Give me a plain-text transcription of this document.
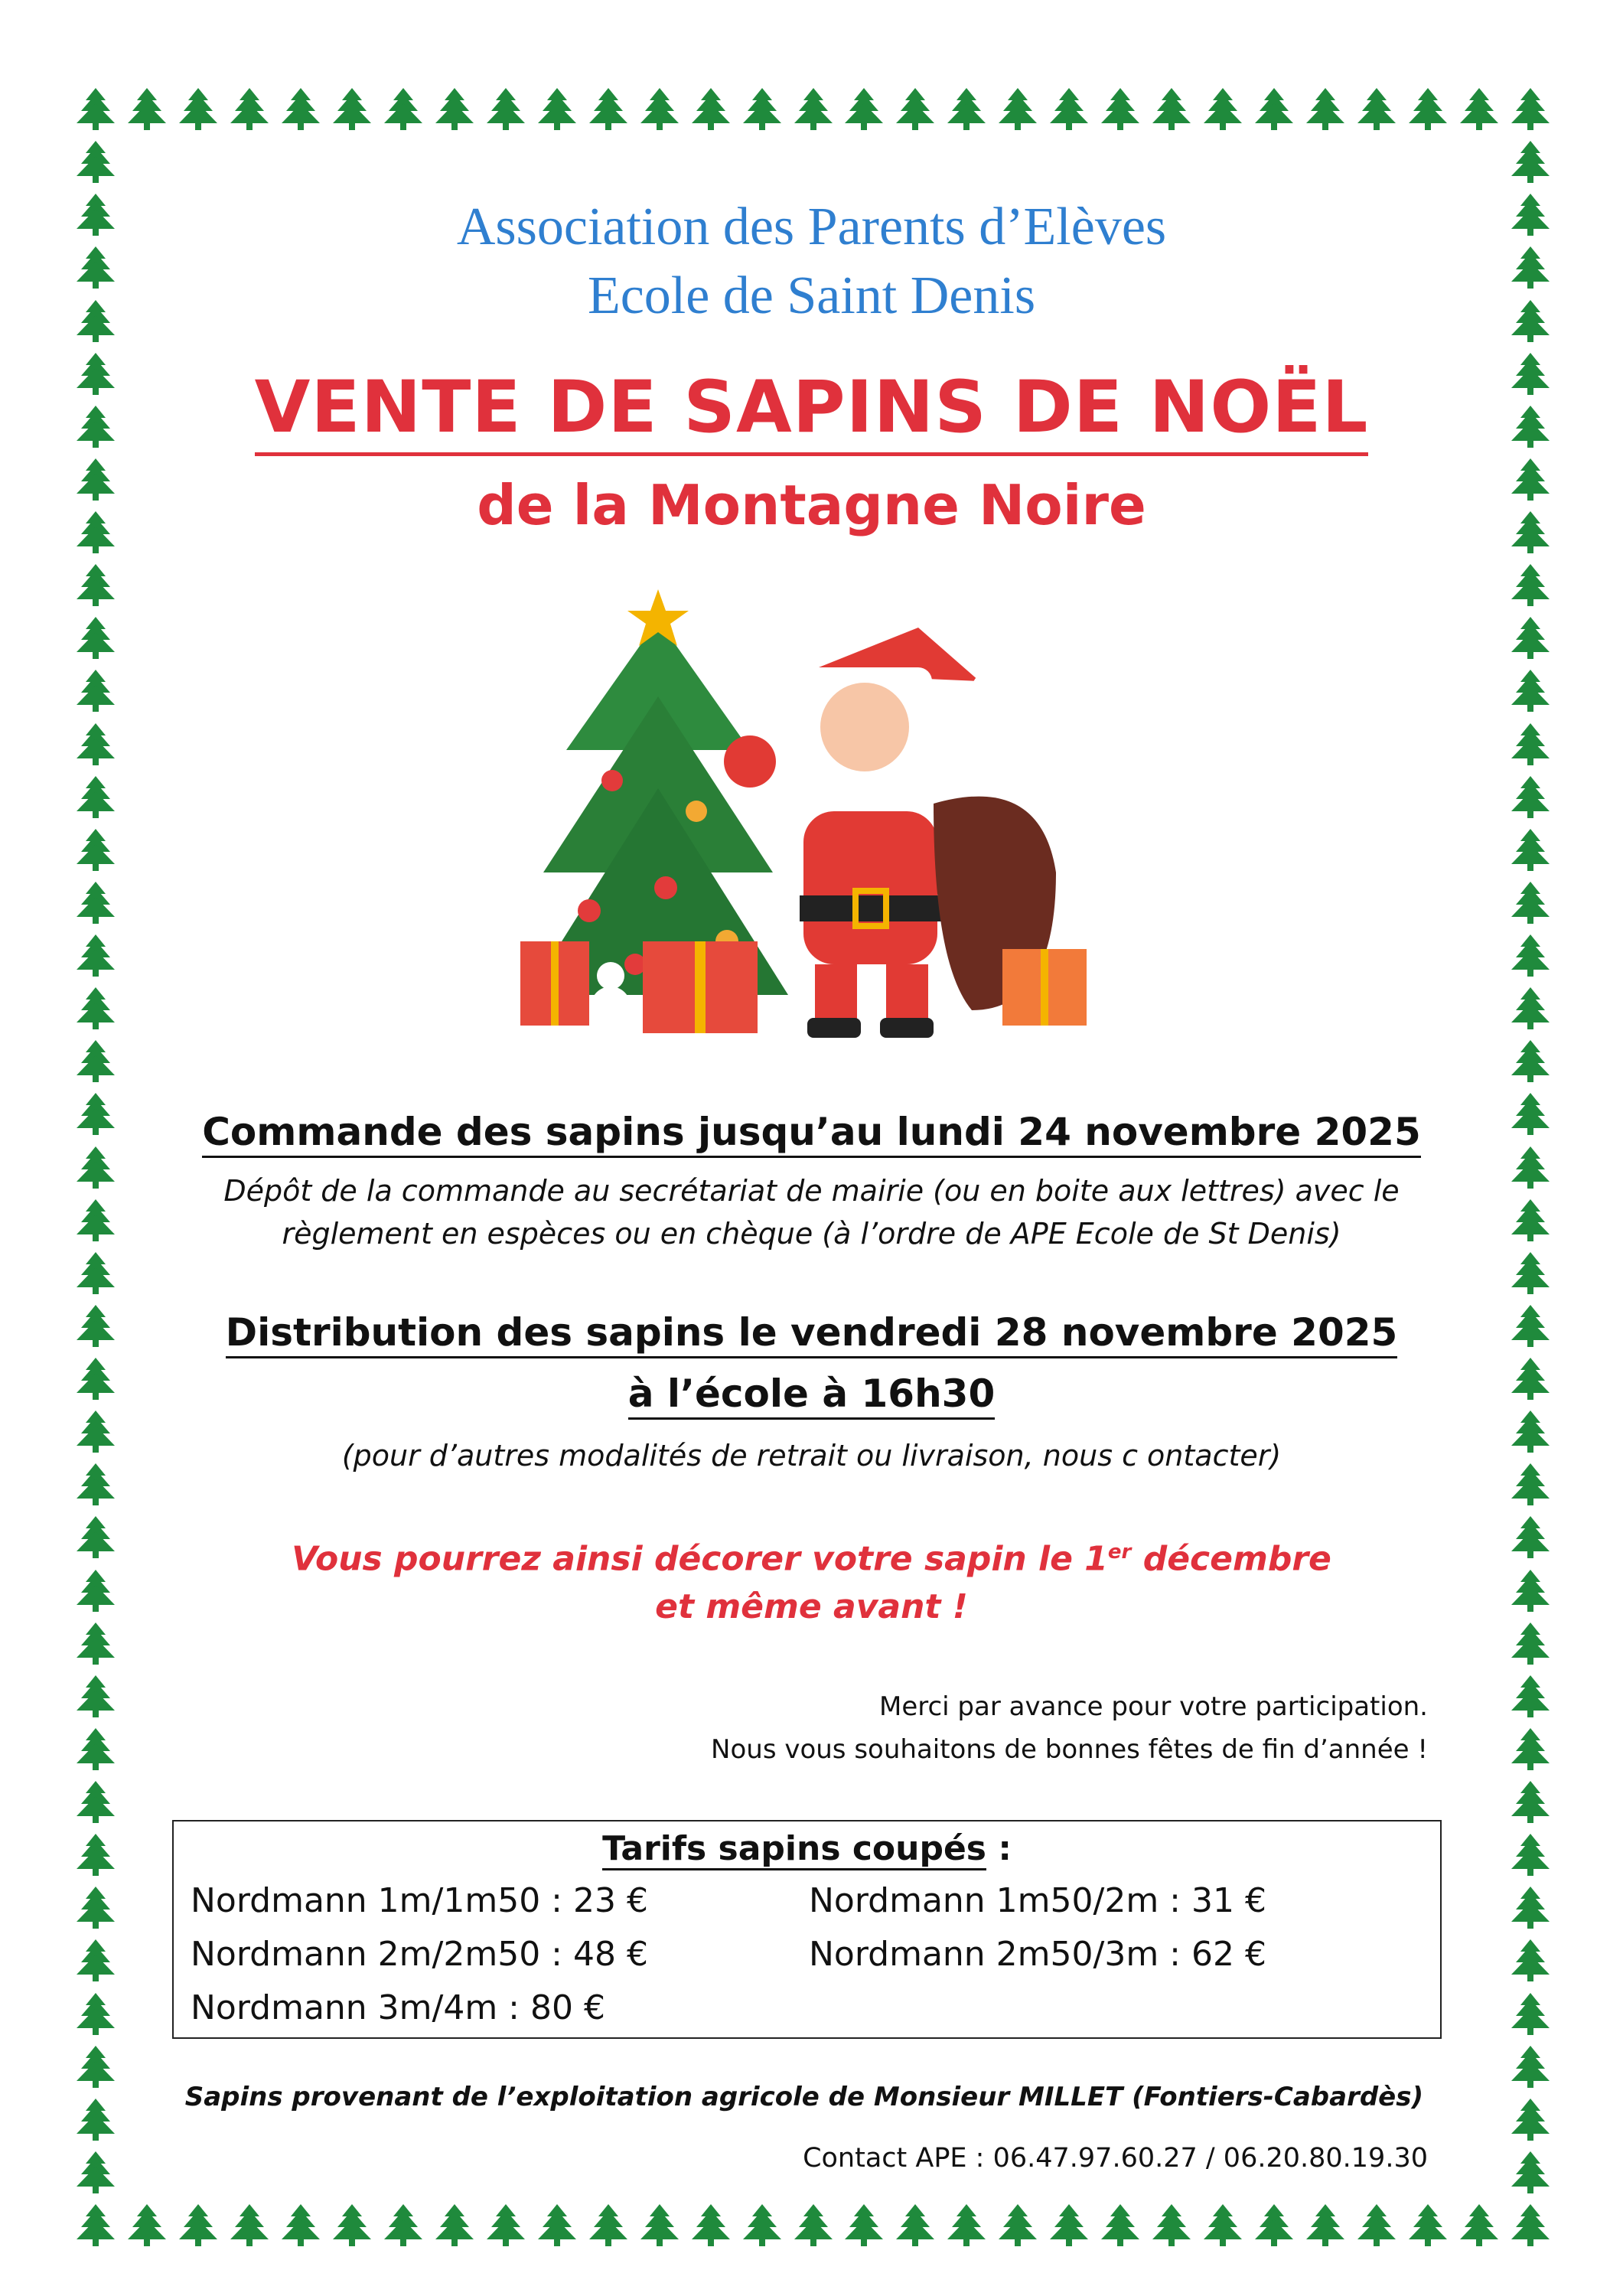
Association des Parents d’Elèves
Ecole de Saint Denis
VENTE DE SAPINS DE NOËL
de la Montagne Noire
Commande des sapins jusqu’au lundi 24 novembre 2025
Dépôt de la commande au secrétariat de mairie (ou en boite aux lettres) avec le
règlement en espèces ou en chèque (à l’ordre de APE Ecole de St Denis)
Distribution des sapins le vendredi 28 novembre 2025
à l’école à 16h30
(pour d’autres modalités de retrait ou livraison, nous c ontacter)
Vous pourrez ainsi décorer votre sapin le 1er décembre
et même avant !
Merci par avance pour votre participation.
Nous vous souhaitons de bonnes fêtes de fin d’année !
Tarifs sapins coupés :
Nordmann 1m/1m50 : 23 €	Nordmann 1m50/2m : 31 €
Nordmann 2m/2m50 : 48 €	Nordmann 2m50/3m : 62 €
Nordmann 3m/4m : 80 €
Sapins provenant de l’exploitation agricole de Monsieur MILLET (Fontiers-Cabardès)
Contact APE : 06.47.97.60.27 / 06.20.80.19.30
